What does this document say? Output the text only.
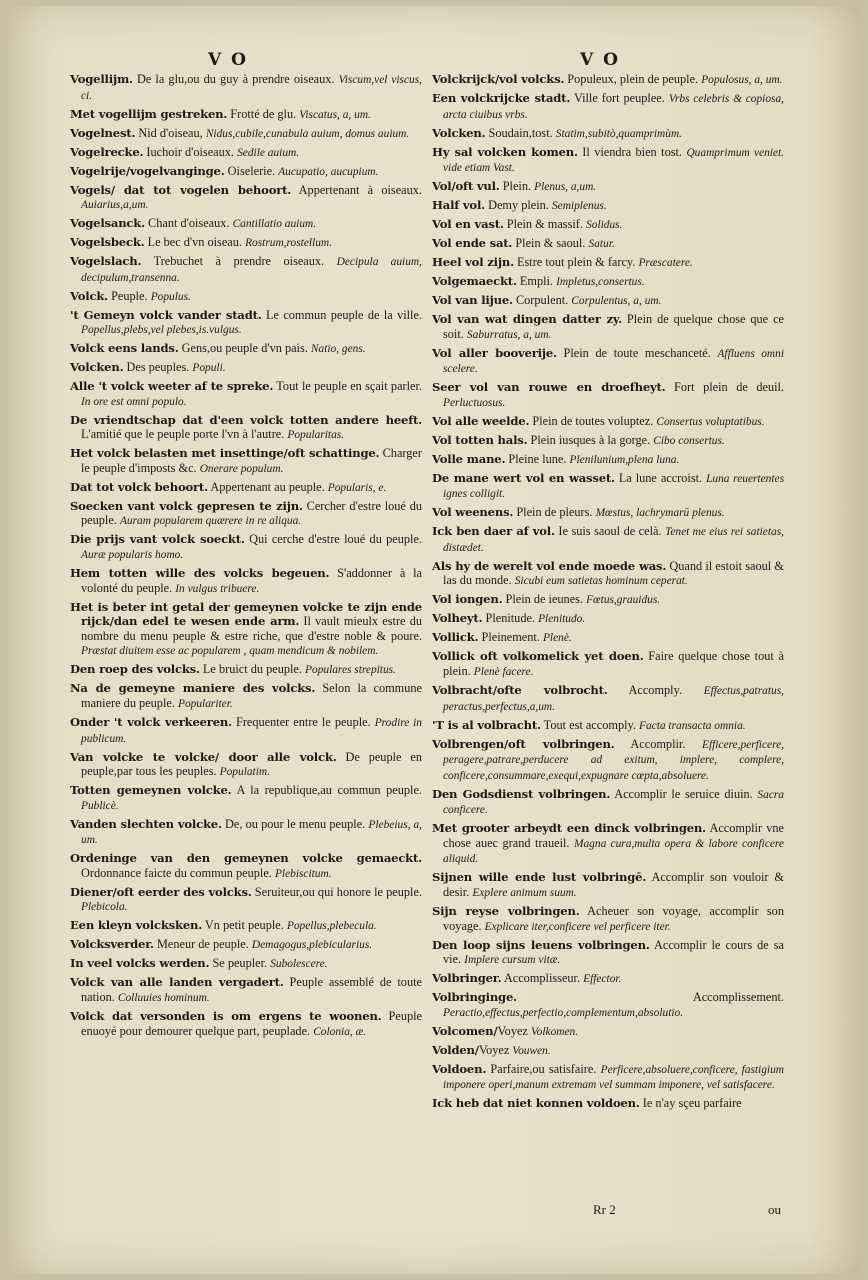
V O	V O

Vogellijm. De la glu,ou du guy à prendre oiseaux. Viscum,vel viscus, ci.

Met vogellijm gestreken. Frotté de glu. Viscatus, a, um.

Vogelnest. Nid d'oiseau, Nidus,cubile,cunabula auium, domus auium.

Vogelrecke. Iuchoir d'oiseaux. Sedile auium.

Vogelrije/vogelvanginge. Oiselerie. Aucupatio, aucupium.

Vogels/ dat tot vogelen behoort. Appertenant à oiseaux. Auiarius,a,um.

Vogelsanck. Chant d'oiseaux. Cantillatio auium.

Vogelsbeck. Le bec d'vn oiseau. Rostrum,rostellum.

Vogelslach. Trebuchet à prendre oiseaux. Decipula auium, decipulum,transenna.

Volck. Peuple. Populus.

't Gemeyn volck vander stadt. Le commun peuple de la ville. Popellus,plebs,vel plebes,is.vulgus.

Volck eens lands. Gens,ou peuple d'vn pais. Natio, gens.

Volcken. Des peuples. Populi.

Alle 't volck weeter af te spreke. Tout le peuple en sçait parler. In ore est omni populo.

De vriendtschap dat d'een volck totten andere heeft. L'amitié que le peuple porte l'vn à l'autre. Popularitas.

Het volck belasten met insettinge/oft schattinge. Charger le peuple d'imposts &c. Onerare populum.

Dat tot volck behoort. Appertenant au peuple. Popularis, e.

Soecken vant volck gepresen te zijn. Cercher d'estre loué du peuple. Auram popularem quærere in re aliqua.

Die prijs vant volck soeckt. Qui cerche d'estre loué du peuple. Auræ popularis homo.

Hem totten wille des volcks begeuen. S'addonner à la volonté du peuple. In vulgus tribuere.

Het is beter int getal der gemeynen volcke te zijn ende rijck/dan edel te wesen ende arm. Il vault mieulx estre du nombre du menu peuple & estre riche, que d'estre noble & poure. Præstat diuitem esse ac popularem , quam mendicum & nobilem.

Den roep des volcks. Le bruict du peuple. Populares strepitus.

Na de gemeyne maniere des volcks. Selon la commune maniere du peuple. Populariter.

Onder 't volck verkeeren. Frequenter entre le peuple. Prodire in publicum.

Van volcke te volcke/ door alle volck. De peuple en peuple,par tous les peuples. Populatim.

Totten gemeynen volcke. A la republique,au commun peuple. Publicè.

Vanden slechten volcke. De, ou pour le menu peuple. Plebeius, a, um.

Ordeninge van den gemeynen volcke gemaeckt. Ordonnance faicte du commun peuple. Plebiscitum.

Diener/oft eerder des volcks. Seruiteur,ou qui honore le peuple. Plebicola.

Een kleyn volcksken. Vn petit peuple. Popellus,plebecula.

Volcksverder. Meneur de peuple. Demagogus,plebicularius.

In veel volcks werden. Se peupler. Subolescere.

Volck van alle landen vergadert. Peuple assemblé de toute nation. Colluuies hominum.

Volck dat versonden is om ergens te woonen. Peuple enuoyé pour demourer quelque part, peuplade. Colonia, æ.

Volckrijck/vol volcks. Populeux, plein de peuple. Populosus, a, um.

Een volckrijcke stadt. Ville fort peuplee. Vrbs celebris & copiosa, arcta ciuibus vrbs.

Volcken. Soudain,tost. Statim,subitò,quamprimùm.

Hy sal volcken komen. Il viendra bien tost. Quamprimum veniet. vide etiam Vast.

Vol/oft vul. Plein. Plenus, a,um.

Half vol. Demy plein. Semiplenus.

Vol en vast. Plein & massif. Solidus.

Vol ende sat. Plein & saoul. Satur.

Heel vol zijn. Estre tout plein & farcy. Præscatere.

Volgemaeckt. Empli. Impletus,consertus.

Vol van lijue. Corpulent. Corpulentus, a, um.

Vol van wat dingen datter zy. Plein de quelque chose que ce soit. Saburratus, a, um.

Vol aller booverije. Plein de toute meschanceté. Affluens omni scelere.

Seer vol van rouwe en droefheyt. Fort plein de deuil. Perluctuosus.

Vol alle weelde. Plein de toutes voluptez. Consertus voluptatibus.

Vol totten hals. Plein iusques à la gorge. Cibo consertus.

Volle mane. Pleine lune. Plenilunium,plena luna.

De mane wert vol en wasset. La lune accroist. Luna reuertentes ignes colligit.

Vol weenens. Plein de pleurs. Mœstus, lachrymarū plenus.

Ick ben daer af vol. Ie suis saoul de celà. Tenet me eius rei satietas, distædet.

Als hy de werelt vol ende moede was. Quand il estoit saoul & las du monde. Sicubi eum satietas hominum ceperat.

Vol iongen. Plein de ieunes. Fœtus,grauidus.

Volheyt. Plenitude. Plenitudo.

Vollick. Pleinement. Plenè.

Vollick oft volkomelick yet doen. Faire quelque chose tout à plein. Plenè facere.

Volbracht/ofte volbrocht. Accomply. Effectus,patratus, peractus,perfectus,a,um.

'T is al volbracht. Tout est accomply. Facta transacta omnia.

Volbrengen/oft volbringen. Accomplir. Efficere,perficere, peragere,patrare,perducere ad exitum, implere, complere, conficere,consummare,exequi,expugnare cœpta,absoluere.

Den Godsdienst volbringen. Accomplir le seruice diuin. Sacra conficere.

Met grooter arbeydt een dinck volbringen. Accomplir vne chose auec grand traueil. Magna cura,multa opera & labore conficere aliquid.

Sijnen wille ende lust volbringē. Accomplir son vouloir & desir. Explere animum suum.

Sijn reyse volbringen. Acheuer son voyage, accomplir son voyage. Explicare iter,conficere vel perficere iter.

Den loop sijns leuens volbringen. Accomplir le cours de sa vie. Implere cursum vitæ.

Volbringer. Accomplisseur. Effector.

Volbringinge. Accomplissement. Peractio,effectus,perfectio,complementum,absolutio.

Volcomen/Voyez Volkomen.

Volden/Voyez Vouwen.

Voldoen. Parfaire,ou satisfaire. Perficere,absoluere,conficere, fastigium imponere operi,manum extremam vel summam imponere, vel satisfacere.

Ick heb dat niet konnen voldoen. Ie n'ay sçeu parfaire

Rr 2	ou
